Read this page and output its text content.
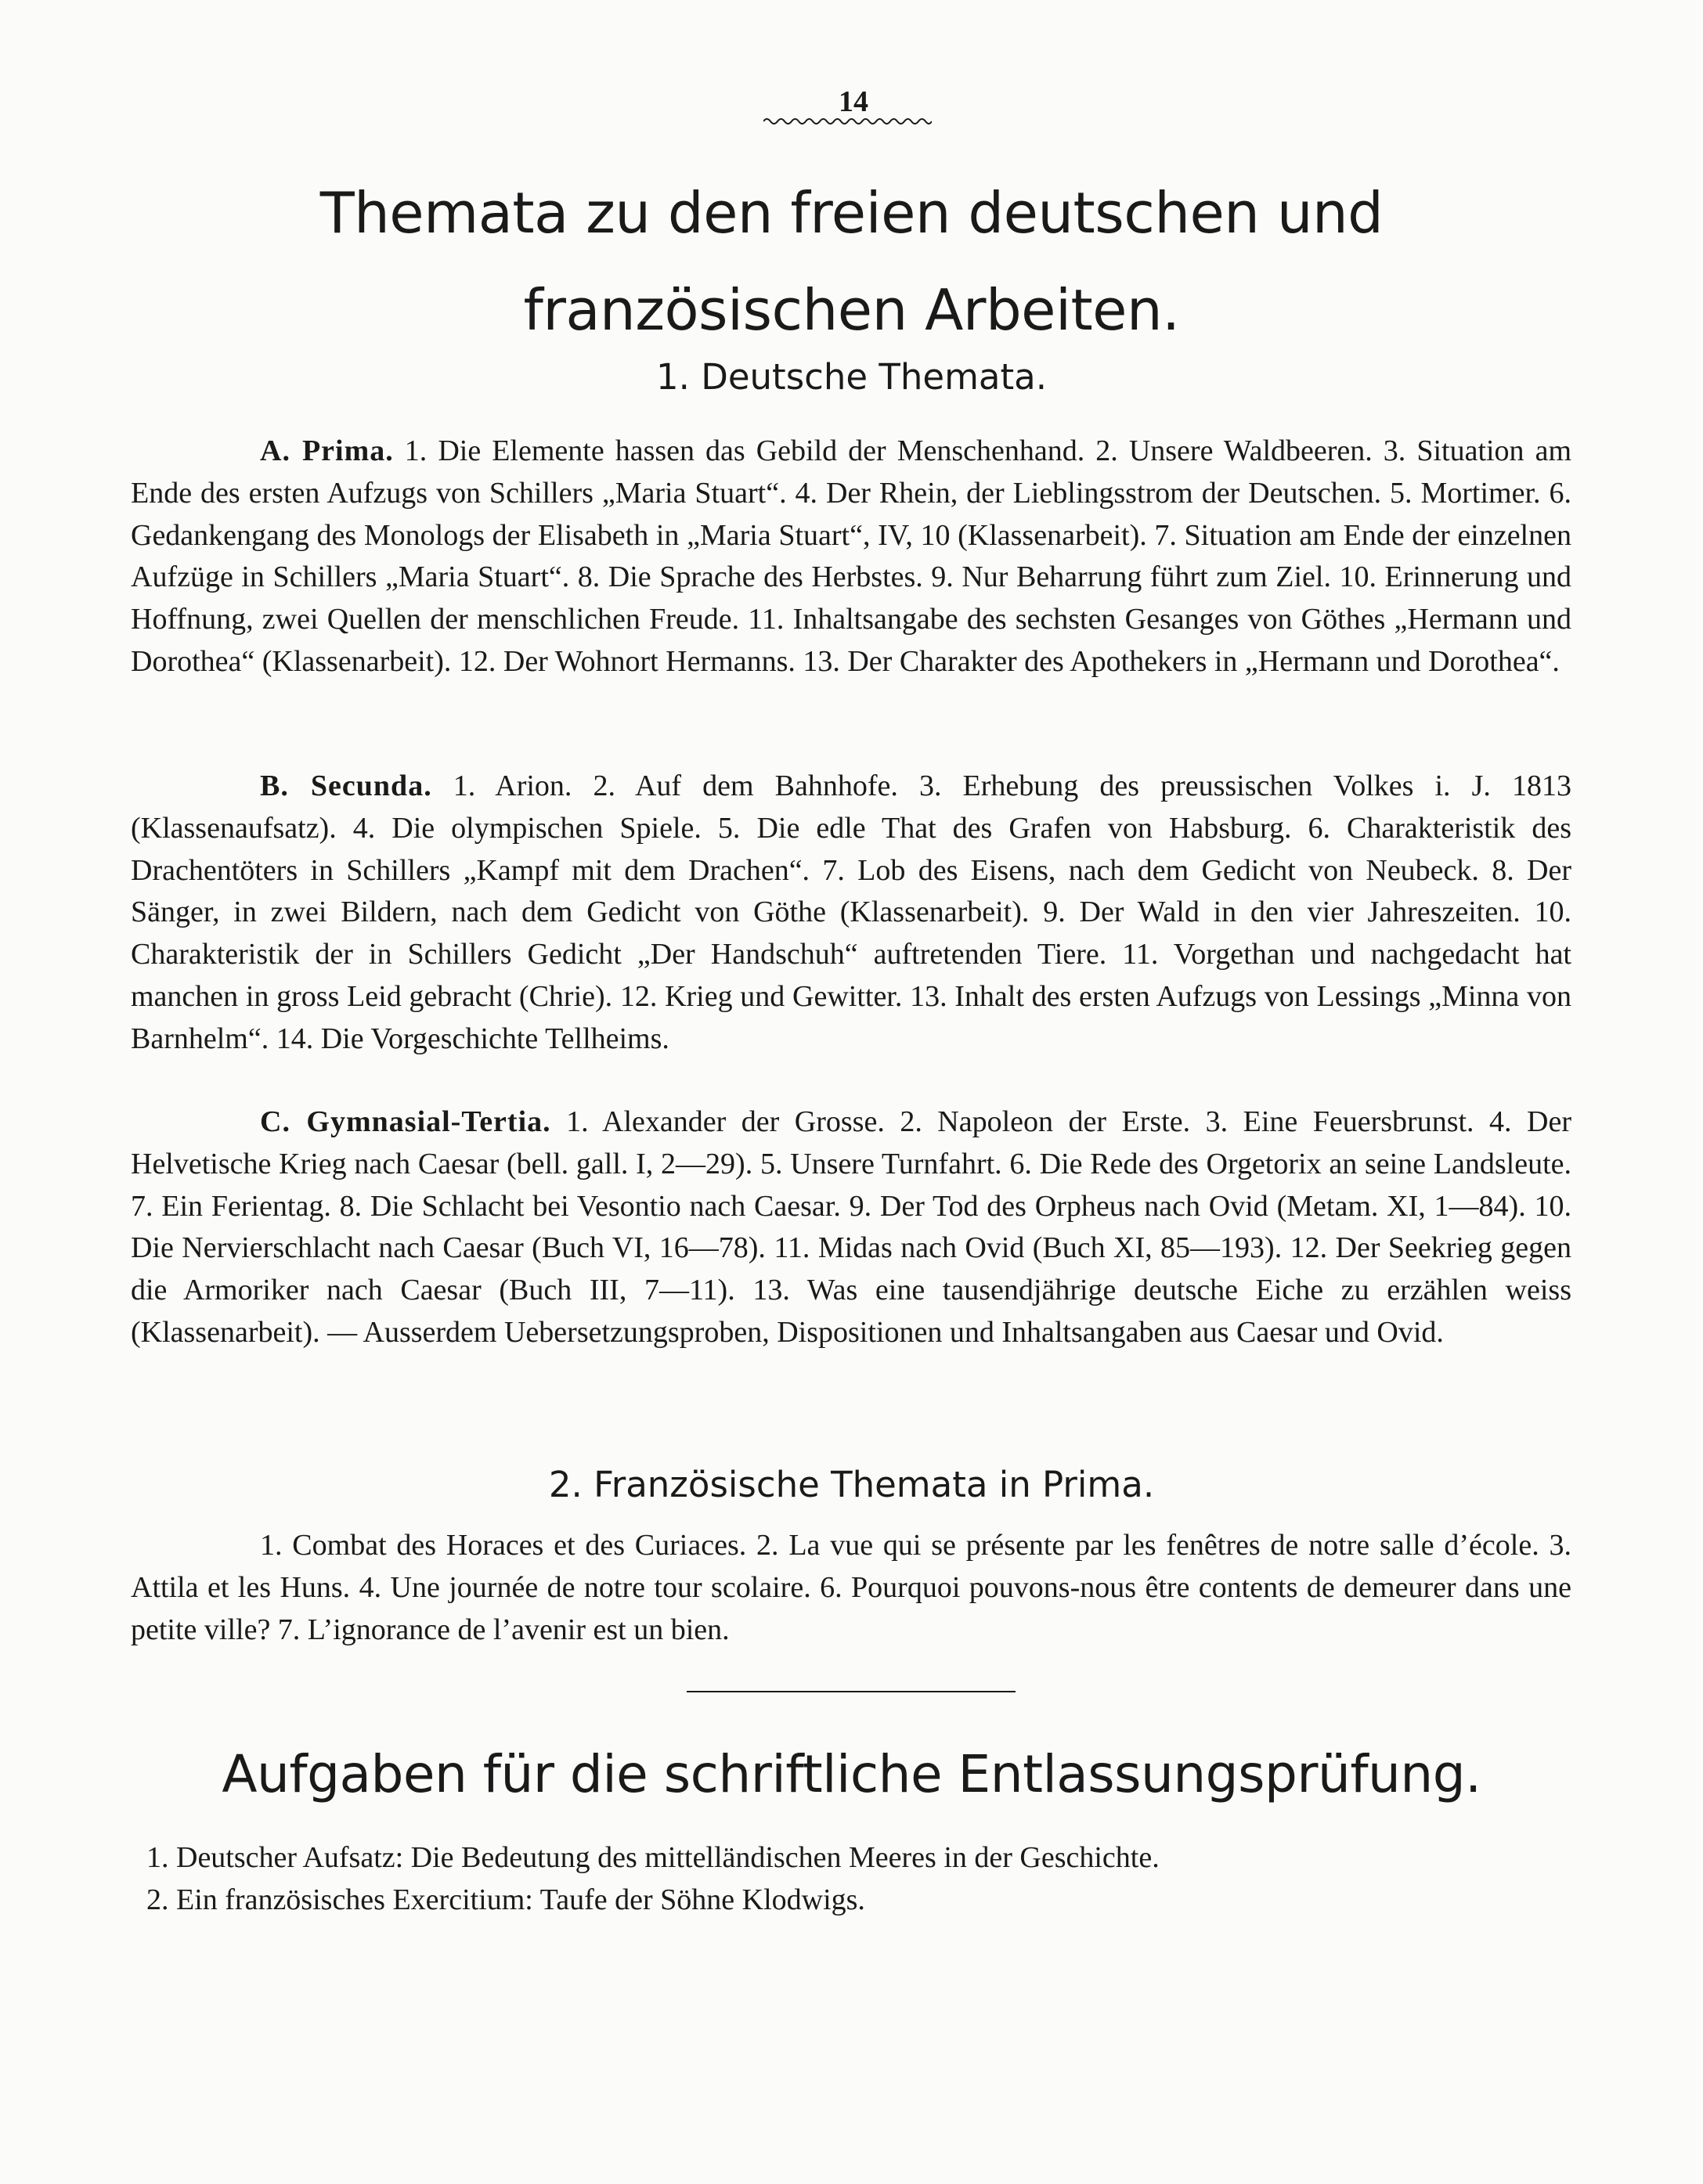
14
Themata zu den freien deutschen und
französischen Arbeiten.
1. Deutsche Themata.

A. Prima. 1. Die Elemente hassen das Gebild der Menschenhand. 2. Unsere Waldbeeren. 3. Situation am Ende des ersten Aufzugs von Schillers „Maria Stuart“. 4. Der Rhein, der Lieblingsstrom der Deutschen. 5. Mortimer. 6. Gedankengang des Monologs der Elisabeth in „Maria Stuart“, IV, 10 (Klassenarbeit). 7. Situation am Ende der einzelnen Aufzüge in Schillers „Maria Stuart“. 8. Die Sprache des Herbstes. 9. Nur Beharrung führt zum Ziel. 10. Erinnerung und Hoffnung, zwei Quellen der menschlichen Freude. 11. Inhaltsangabe des sechsten Gesanges von Göthes „Hermann und Dorothea“ (Klassenarbeit). 12. Der Wohnort Hermanns. 13. Der Charakter des Apothekers in „Hermann und Dorothea“.

B. Secunda. 1. Arion. 2. Auf dem Bahnhofe. 3. Erhebung des preussischen Volkes i. J. 1813 (Klassenaufsatz). 4. Die olympischen Spiele. 5. Die edle That des Grafen von Habsburg. 6. Charakteristik des Drachentöters in Schillers „Kampf mit dem Drachen“. 7. Lob des Eisens, nach dem Gedicht von Neubeck. 8. Der Sänger, in zwei Bildern, nach dem Gedicht von Göthe (Klassenarbeit). 9. Der Wald in den vier Jahreszeiten. 10. Charakteristik der in Schillers Gedicht „Der Handschuh“ auftretenden Tiere. 11. Vorgethan und nachgedacht hat manchen in gross Leid gebracht (Chrie). 12. Krieg und Gewitter. 13. Inhalt des ersten Aufzugs von Lessings „Minna von Barnhelm“. 14. Die Vorgeschichte Tellheims.

C. Gymnasial-Tertia. 1. Alexander der Grosse. 2. Napoleon der Erste. 3. Eine Feuersbrunst. 4. Der Helvetische Krieg nach Caesar (bell. gall. I, 2—29). 5. Unsere Turnfahrt. 6. Die Rede des Orgetorix an seine Landsleute. 7. Ein Ferientag. 8. Die Schlacht bei Vesontio nach Caesar. 9. Der Tod des Orpheus nach Ovid (Metam. XI, 1—84). 10. Die Nervierschlacht nach Caesar (Buch VI, 16—78). 11. Midas nach Ovid (Buch XI, 85—193). 12. Der Seekrieg gegen die Armoriker nach Caesar (Buch III, 7—11). 13. Was eine tausendjährige deutsche Eiche zu erzählen weiss (Klassenarbeit). — Ausserdem Uebersetzungsproben, Dispositionen und Inhaltsangaben aus Caesar und Ovid.

2. Französische Themata in Prima.

1. Combat des Horaces et des Curiaces. 2. La vue qui se présente par les fenêtres de notre salle d’école. 3. Attila et les Huns. 4. Une journée de notre tour scolaire. 6. Pourquoi pouvons-nous être contents de demeurer dans une petite ville? 7. L’ignorance de l’avenir est un bien.

Aufgaben für die schriftliche Entlassungsprüfung.
1. Deutscher Aufsatz: Die Bedeutung des mittelländischen Meeres in der Geschichte.
2. Ein französisches Exercitium: Taufe der Söhne Klodwigs.
